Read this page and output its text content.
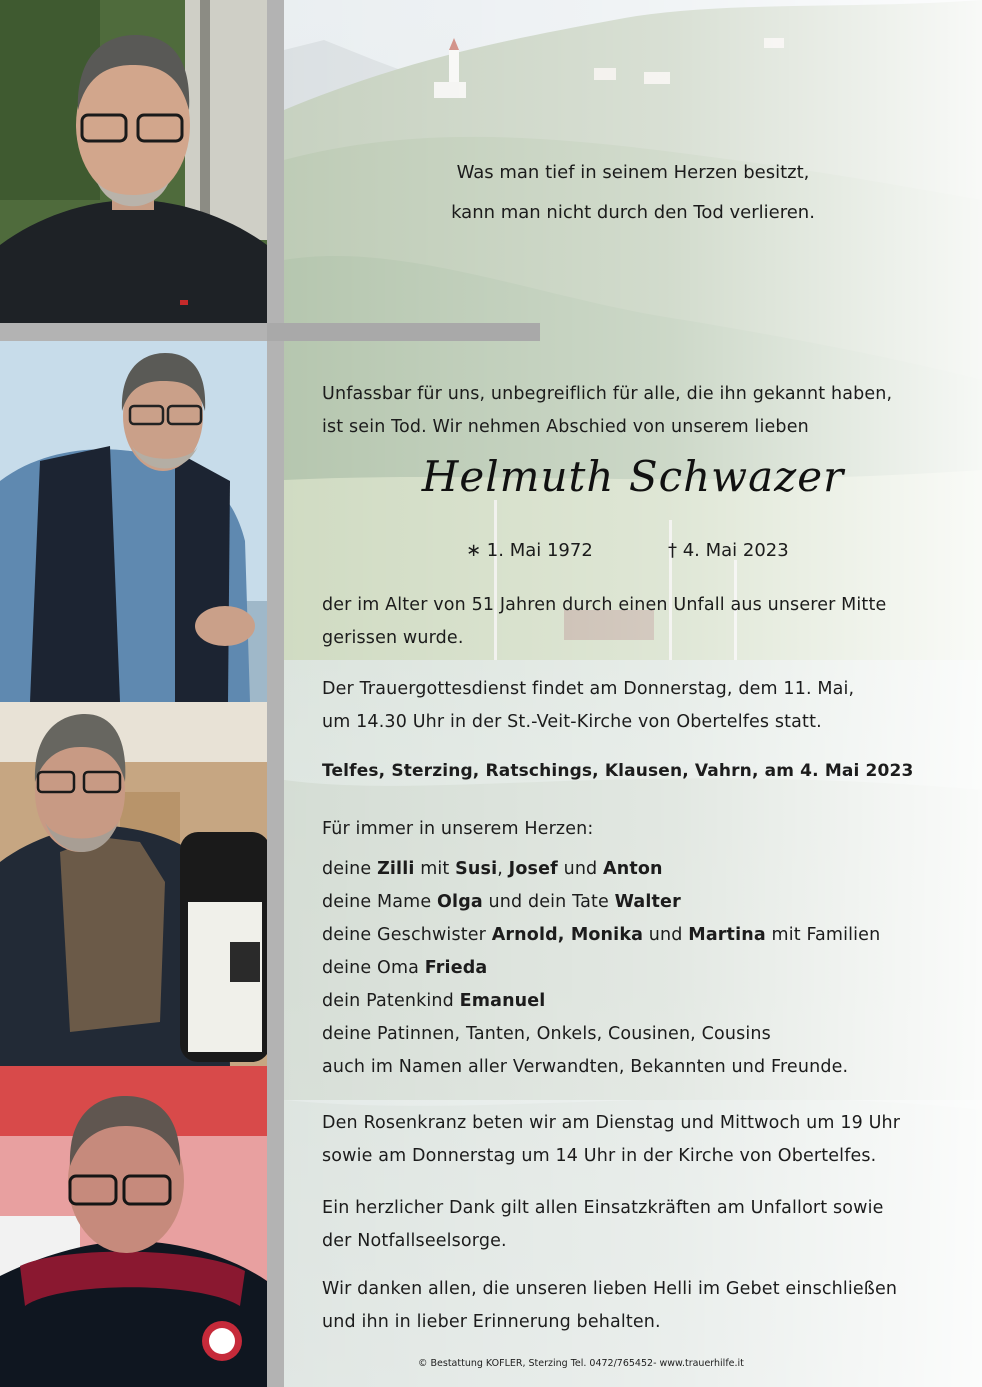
Was man tief in seinem Herzen besitzt,
kann man nicht durch den Tod verlieren.
Unfassbar für uns, unbegreiflich für alle, die ihn gekannt haben,
ist sein Tod. Wir nehmen Abschied von unserem lieben
Helmuth Schwazer
∗ 1. Mai 1972	† 4. Mai 2023
der im Alter von 51 Jahren durch einen Unfall aus unserer Mitte
gerissen wurde.
Der Trauergottesdienst findet am Donnerstag, dem 11. Mai,
um 14.30 Uhr in der St.-Veit-Kirche von Obertelfes statt.
Telfes, Sterzing, Ratschings, Klausen, Vahrn, am 4. Mai 2023
Für immer in unserem Herzen:
deine Zilli mit Susi, Josef und Anton
deine Mame Olga und dein Tate Walter
deine Geschwister Arnold, Monika und Martina mit Familien
deine Oma Frieda
dein Patenkind Emanuel
deine Patinnen, Tanten, Onkels, Cousinen, Cousins
auch im Namen aller Verwandten, Bekannten und Freunde.
Den Rosenkranz beten wir am Dienstag und Mittwoch um 19 Uhr
sowie am Donnerstag um 14 Uhr in der Kirche von Obertelfes.
Ein herzlicher Dank gilt allen Einsatzkräften am Unfallort sowie
der Notfallseelsorge.
Wir danken allen, die unseren lieben Helli im Gebet einschließen
und ihn in lieber Erinnerung behalten.
© Bestattung KOFLER, Sterzing Tel. 0472/765452- www.trauerhilfe.it
